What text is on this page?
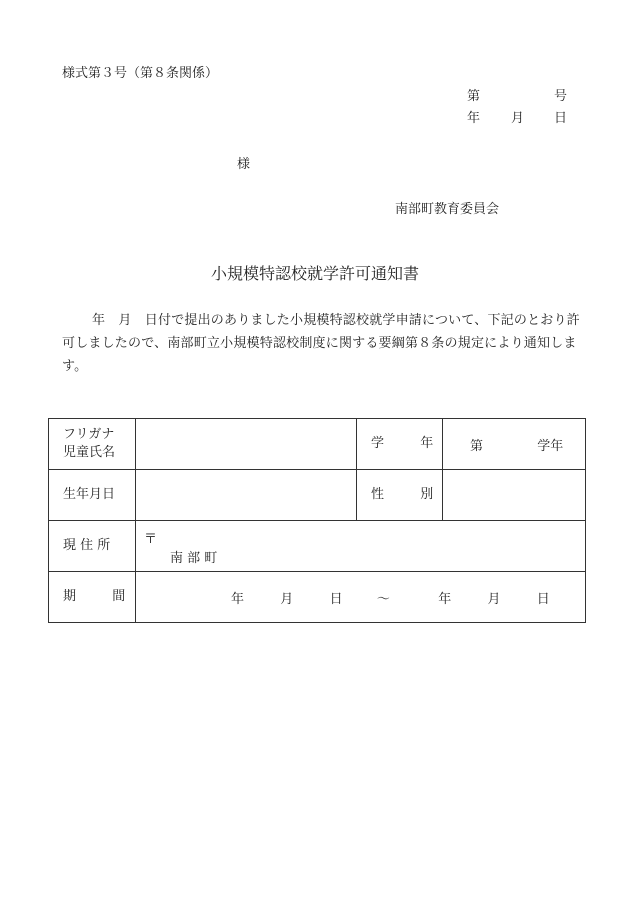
様式第３号（第８条関係）
第	号
年 月 日
様
南部町教育委員会
小規模特認校就学許可通知書
年　月　日付で提出のありました小規模特認校就学申請について、下記のとおり許可しましたので、南部町立小規模特認校制度に関する要綱第８条の規定により通知します。
フリガナ
児童氏名		学 年	第 学年
生年月日		性 別	
現 住 所	〒
南 部 町		

期 間	年 月 日 ～ 年 月 日		
